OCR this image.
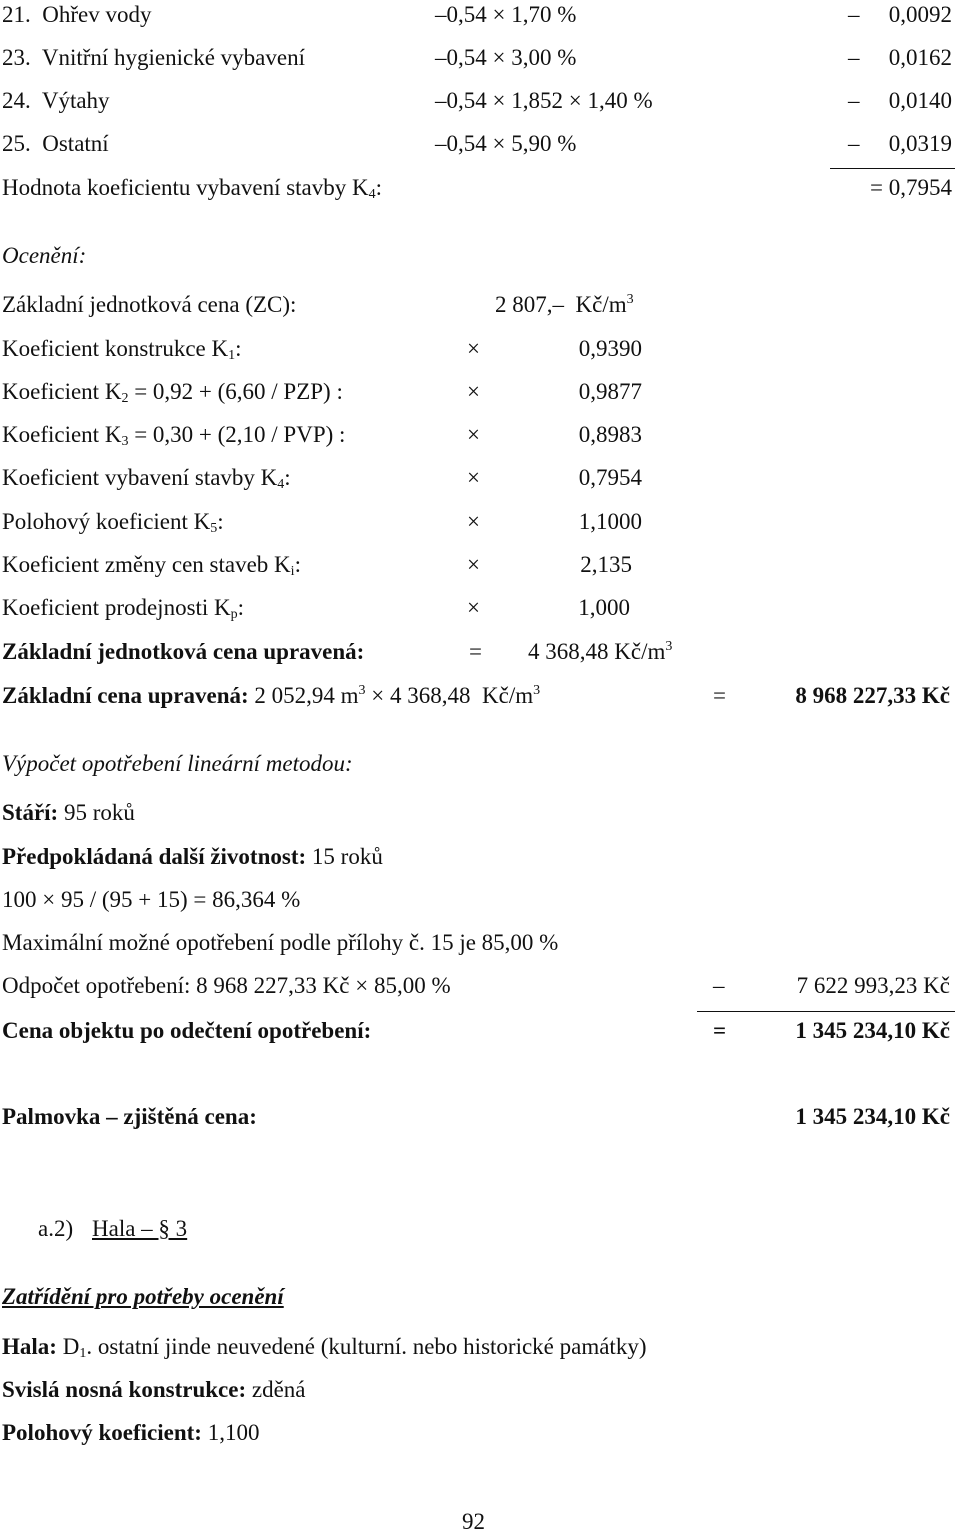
21.  Ohřev vody	–0,54 × 1,70 %	– 0,0092
23.  Vnitřní hygienické vybavení	–0,54 × 3,00 %	– 0,0162
24.  Výtahy	–0,54 × 1,852 × 1,40 %	– 0,0140
25.  Ostatní	–0,54 × 5,90 %	– 0,0319
Hodnota koeficientu vybavení stavby $K_4$:	= 0,7954
Ocenění:
Základní jednotková cena (ZC):	2 807,–  $Kč/m^3$
Koeficient konstrukce $K_1$:	×	0,9390
Koeficient $K_2 = 0,92 + (6,60 / PZP)$ :	×	0,9877
Koeficient $K_3 = 0,30 + (2,10 / PVP)$ :	×	0,8983
Koeficient vybavení stavby $K_4$:	×	0,7954
Polohový koeficient $K_5$:	×	1,1000
Koeficient změny cen staveb $K_i$:	×	2,135
Koeficient prodejnosti $K_p$:	×	1,000
Základní jednotková cena upravená:	= 4 368,48 $Kč/m^3$
Základní cena upravená: 2 052,94 $m^3 \times 4$ 368,48  $Kč/m^3$	=	8 968 227,33 Kč
Výpočet opotřebení lineární metodou:
Stáří: 95 roků
Předpokládaná další životnost: 15 roků
100 × 95 / (95 + 15) = 86,364 %
Maximální možné opotřebení podle přílohy č. 15 je 85,00 %
Odpočet opotřebení: 8 968 227,33 Kč × 85,00 %	–	7 622 993,23 Kč
Cena objektu po odečtení opotřebení:	=	1 345 234,10 Kč
Palmovka – zjištěná cena:	1 345 234,10 Kč
a.2) Hala – § 3
Zatřídění pro potřeby ocenění
Hala: $D_1$. ostatní jinde neuvedené (kulturní. nebo historické památky)
Svislá nosná konstrukce: zděná
Polohový koeficient: 1,100
92
